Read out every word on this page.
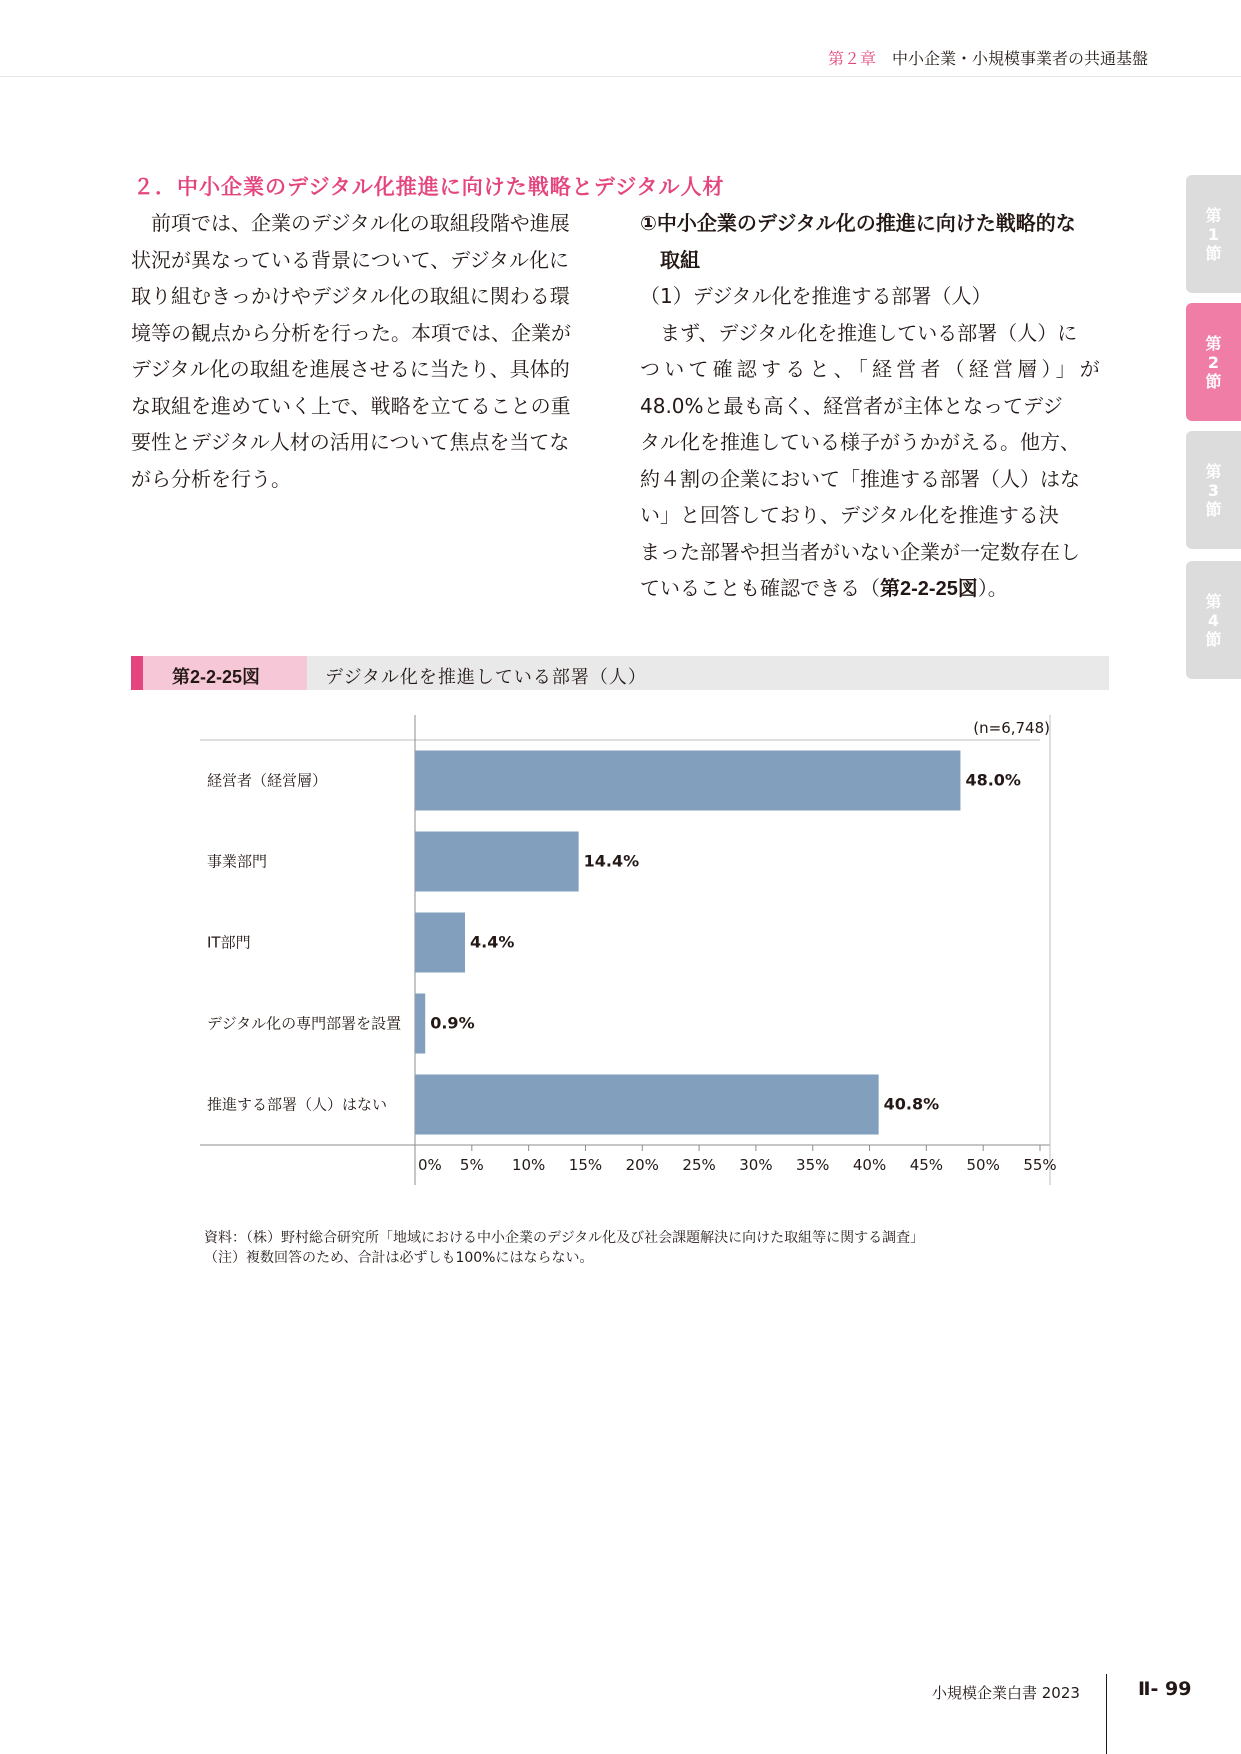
第２章 中小企業・小規模事業者の共通基盤
２．中小企業のデジタル化推進に向けた戦略とデジタル人材
　前項では、企業のデジタル化の取組段階や進展
状況が異なっている背景について、デジタル化に
取り組むきっかけやデジタル化の取組に関わる環
境等の観点から分析を行った。本項では、企業が
デジタル化の取組を進展させるに当たり、具体的
な取組を進めていく上で、戦略を立てることの重
要性とデジタル人材の活用について焦点を当てな
がら分析を行う。
①中小企業のデジタル化の推進に向けた戦略的な
　取組
（1）デジタル化を推進する部署（人）
　まず、デジタル化を推進している部署（人）に
ついて確認すると、「経営者（経営層）」が
48.0%と最も高く、経営者が主体となってデジ
タル化を推進している様子がうかがえる。他方、
約４割の企業において「推進する部署（人）はな
い」と回答しており、デジタル化を推進する決
まった部署や担当者がいない企業が一定数存在し
ていることも確認できる（第2-2-25図）。
第
1
節
第
2
節
第
3
節
第
4
節
第2-2-25図	デジタル化を推進している部署（人）
(n=6,748)
経営者（経営層）	48.0%
事業部門	14.4%
IT部門	4.4%
デジタル化の専門部署を設置 0.9%
推進する部署（人）はない	40.8%
0% 5% 10% 15% 20% 25% 30% 35% 40% 45% 50% 55%
資料：（株）野村総合研究所「地域における中小企業のデジタル化及び社会課題解決に向けた取組等に関する調査」
（注）複数回答のため、合計は必ずしも100%にはならない。
小規模企業白書 2023	Ⅱ- 99
